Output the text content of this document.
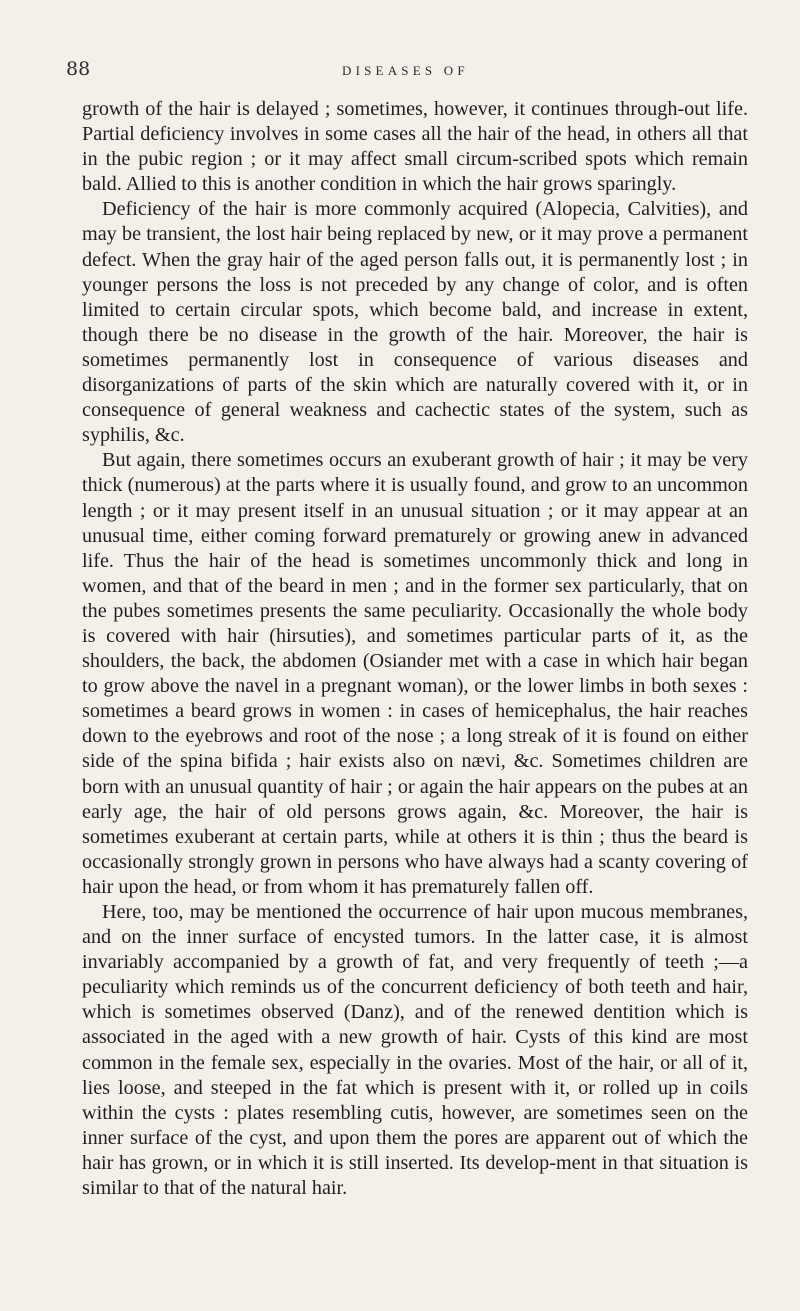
88	DISEASES OF

growth of the hair is delayed ; sometimes, however, it continues through-out life. Partial deficiency involves in some cases all the hair of the head, in others all that in the pubic region ; or it may affect small circum-scribed spots which remain bald. Allied to this is another condition in which the hair grows sparingly.

Deficiency of the hair is more commonly acquired (Alopecia, Calvities), and may be transient, the lost hair being replaced by new, or it may prove a permanent defect. When the gray hair of the aged person falls out, it is permanently lost ; in younger persons the loss is not preceded by any change of color, and is often limited to certain circular spots, which become bald, and increase in extent, though there be no disease in the growth of the hair. Moreover, the hair is sometimes permanently lost in consequence of various diseases and disorganizations of parts of the skin which are naturally covered with it, or in consequence of general weakness and cachectic states of the system, such as syphilis, &c.

But again, there sometimes occurs an exuberant growth of hair ; it may be very thick (numerous) at the parts where it is usually found, and grow to an uncommon length ; or it may present itself in an unusual situation ; or it may appear at an unusual time, either coming forward prematurely or growing anew in advanced life. Thus the hair of the head is sometimes uncommonly thick and long in women, and that of the beard in men ; and in the former sex particularly, that on the pubes sometimes presents the same peculiarity. Occasionally the whole body is covered with hair (hirsuties), and sometimes particular parts of it, as the shoulders, the back, the abdomen (Osiander met with a case in which hair began to grow above the navel in a pregnant woman), or the lower limbs in both sexes : sometimes a beard grows in women : in cases of hemicephalus, the hair reaches down to the eyebrows and root of the nose ; a long streak of it is found on either side of the spina bifida ; hair exists also on nævi, &c. Sometimes children are born with an unusual quantity of hair ; or again the hair appears on the pubes at an early age, the hair of old persons grows again, &c. Moreover, the hair is sometimes exuberant at certain parts, while at others it is thin ; thus the beard is occasionally strongly grown in persons who have always had a scanty covering of hair upon the head, or from whom it has prematurely fallen off.

Here, too, may be mentioned the occurrence of hair upon mucous membranes, and on the inner surface of encysted tumors. In the latter case, it is almost invariably accompanied by a growth of fat, and very frequently of teeth ;—a peculiarity which reminds us of the concurrent deficiency of both teeth and hair, which is sometimes observed (Danz), and of the renewed dentition which is associated in the aged with a new growth of hair. Cysts of this kind are most common in the female sex, especially in the ovaries. Most of the hair, or all of it, lies loose, and steeped in the fat which is present with it, or rolled up in coils within the cysts : plates resembling cutis, however, are sometimes seen on the inner surface of the cyst, and upon them the pores are apparent out of which the hair has grown, or in which it is still inserted. Its develop-ment in that situation is similar to that of the natural hair.
